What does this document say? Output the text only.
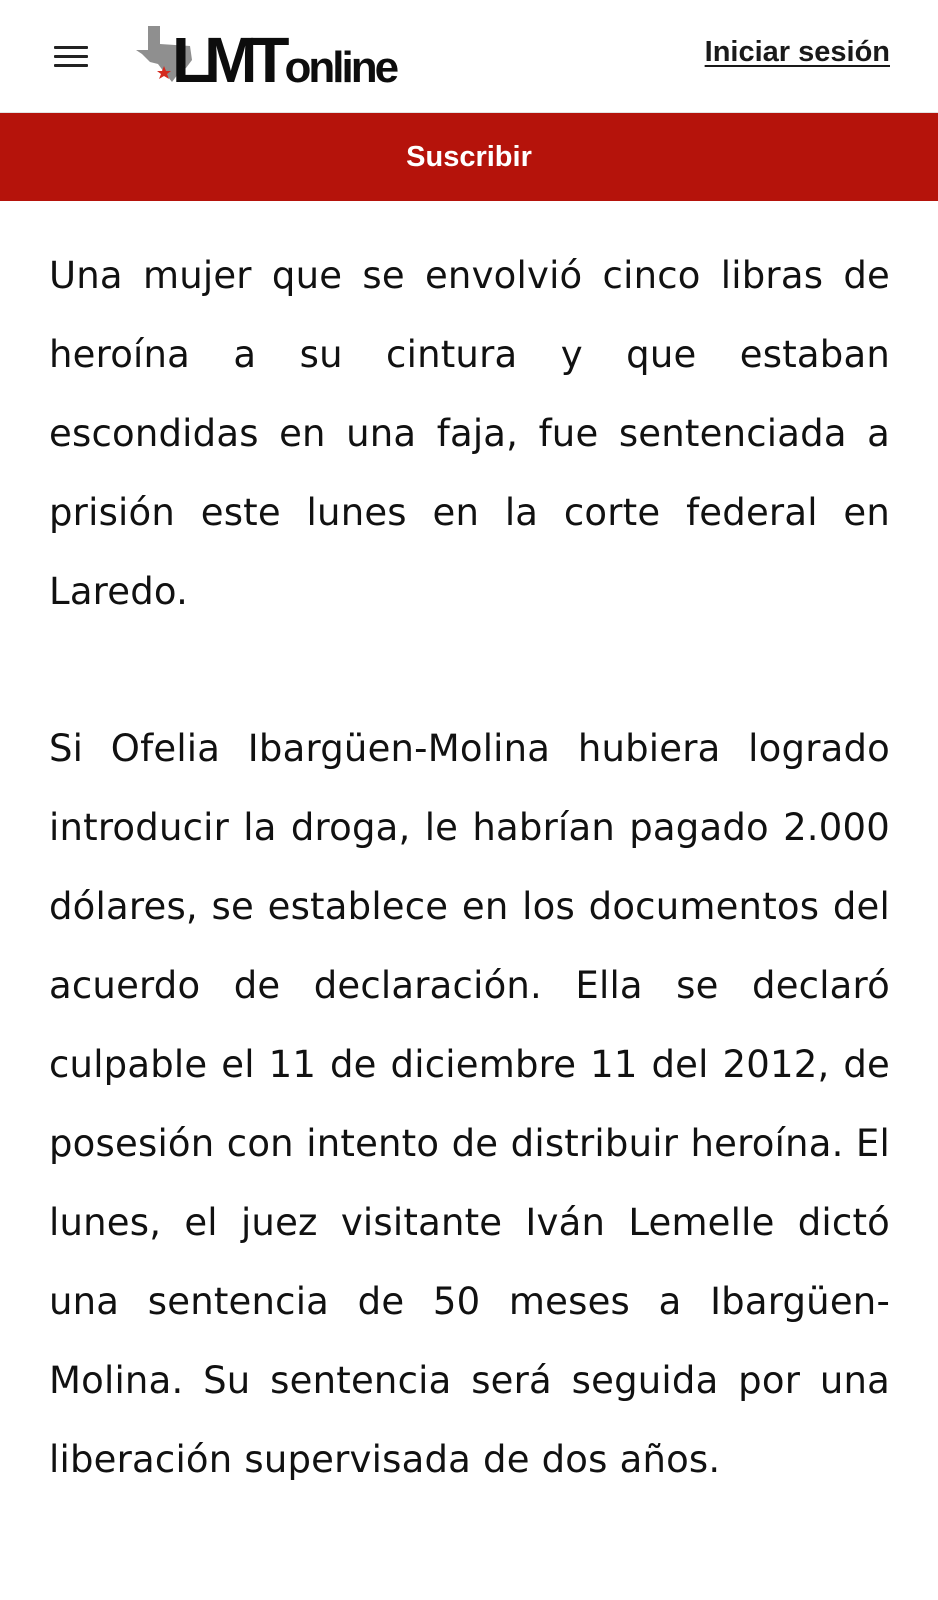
LMTonline	Iniciar sesión
Suscribir

Una mujer que se envolvió cinco libras de heroína a su cintura y que estaban escondidas en una faja, fue sentenciada a prisión este lunes en la corte federal en Laredo.

Si Ofelia Ibargüen-Molina hubiera logrado introducir la droga, le habrían pagado 2.000 dólares, se establece en los documentos del acuerdo de declaración. Ella se declaró culpable el 11 de diciembre 11 del 2012, de posesión con intento de distribuir heroína. El lunes, el juez visitante Iván Lemelle dictó una sentencia de 50 meses a Ibargüen-Molina. Su sentencia será seguida por una liberación supervisada de dos años.
